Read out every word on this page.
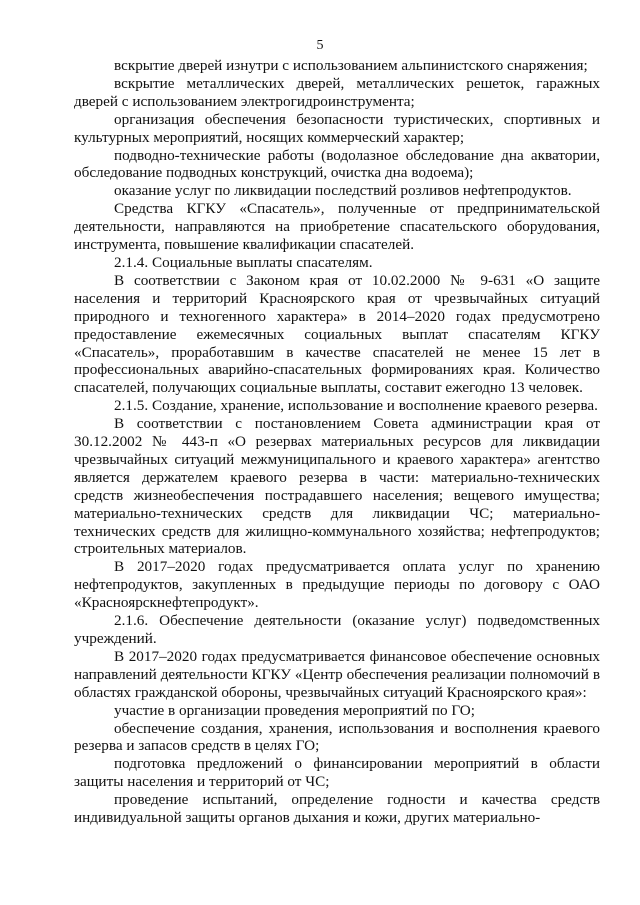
5

вскрытие дверей изнутри с использованием альпинистского снаряжения;

вскрытие металлических дверей, металлических решеток, гаражных дверей с использованием электрогидроинструмента;

организация обеспечения безопасности туристических, спортивных и культурных мероприятий, носящих коммерческий характер;

подводно-технические работы (водолазное обследование дна акватории, обследование подводных конструкций, очистка дна водоема);

оказание услуг по ликвидации последствий розливов нефтепродуктов.

Средства КГКУ «Спасатель», полученные от предпринимательской деятельности, направляются на приобретение спасательского оборудования, инструмента, повышение квалификации спасателей.

2.1.4. Социальные выплаты спасателям.

В соответствии с Законом края от 10.02.2000 № 9-631 «О защите населения и территорий Красноярского края от чрезвычайных ситуаций природного и техногенного характера» в 2014–2020 годах предусмотрено предоставление ежемесячных социальных выплат спасателям КГКУ «Спасатель», проработавшим в качестве спасателей не менее 15 лет в профессиональных аварийно-спасательных формированиях края. Количество спасателей, получающих социальные выплаты, составит ежегодно 13 человек.

2.1.5. Создание, хранение, использование и восполнение краевого резерва.

В соответствии с постановлением Совета администрации края от 30.12.2002 № 443-п «О резервах материальных ресурсов для ликвидации чрезвычайных ситуаций межмуниципального и краевого характера» агентство является держателем краевого резерва в части: материально-технических средств жизнеобеспечения пострадавшего населения; вещевого имущества; материально-технических средств для ликвидации ЧС; материально-технических средств для жилищно-коммунального хозяйства; нефтепродуктов; строительных материалов.

В 2017–2020 годах предусматривается оплата услуг по хранению нефтепродуктов, закупленных в предыдущие периоды по договору с ОАО «Красноярскнефтепродукт».

2.1.6. Обеспечение деятельности (оказание услуг) подведомственных учреждений.

В 2017–2020 годах предусматривается финансовое обеспечение основных направлений деятельности КГКУ «Центр обеспечения реализации полномочий в областях гражданской обороны, чрезвычайных ситуаций Красноярского края»:

участие в организации проведения мероприятий по ГО;

обеспечение создания, хранения, использования и восполнения краевого резерва и запасов средств в целях ГО;

подготовка предложений о финансировании мероприятий в области защиты населения и территорий от ЧС;

проведение испытаний, определение годности и качества средств индивидуальной защиты органов дыхания и кожи, других материально-
